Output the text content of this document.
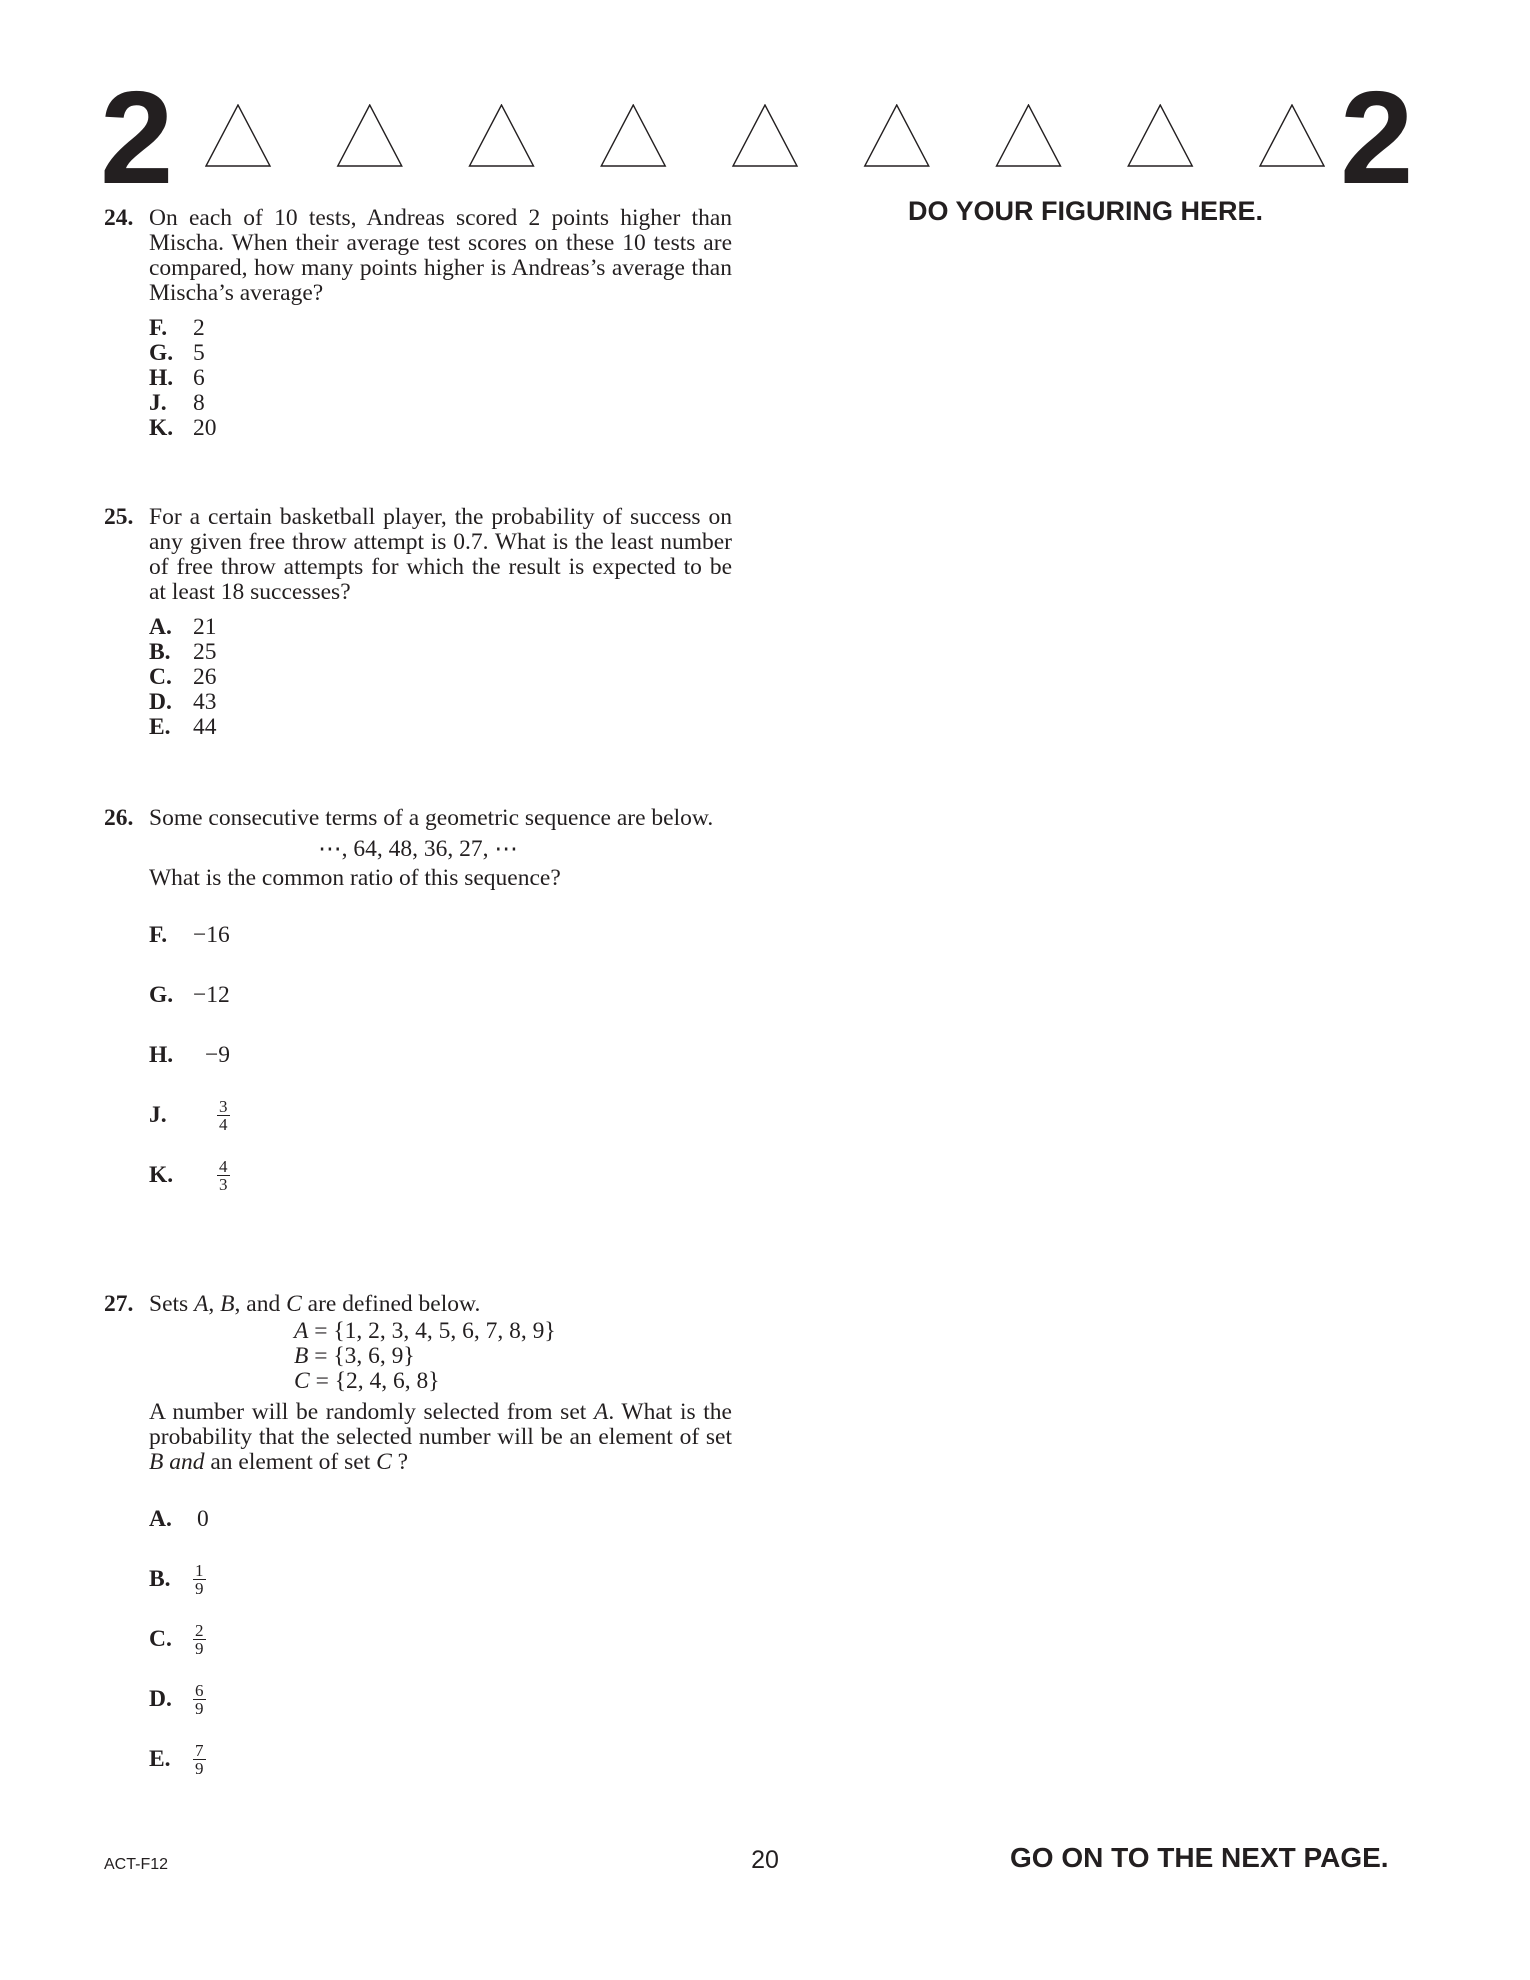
2	2
DO YOUR FIGURING HERE.
24. On each of 10 tests, Andreas scored 2 points higher than Mischa. When their average test scores on these 10 tests are compared, how many points higher is Andreas’s average than Mischa’s average?
F.	2
G. 5
H. 6
J.	8
K. 20
25. For a certain basketball player, the probability of success on any given free throw attempt is 0.7. What is the least number of free throw attempts for which the result is expected to be at least 18 successes?
A. 21
B. 25
C. 26
D. 43
E. 44
26. Some consecutive terms of a geometric sequence are below.
⋯, 64, 48, 36, 27, ⋯
What is the common ratio of this sequence?
F.	−16
G. −12
H.	−9
J.	$\frac{3}{4}$
K.	$\frac{4}{3}$
27. Sets A, B, and C are defined below.
A = {1, 2, 3, 4, 5, 6, 7, 8, 9}
B = {3, 6, 9}
C = {2, 4, 6, 8}
A number will be randomly selected from set A. What is the probability that the selected number will be an element of set B and an element of set C ?
A.	0
B.	$\frac{1}{9}$
C.	$\frac{2}{9}$
D.	$\frac{6}{9}$
E.	$\frac{7}{9}$
ACT-F12	20	GO ON TO THE NEXT PAGE.
